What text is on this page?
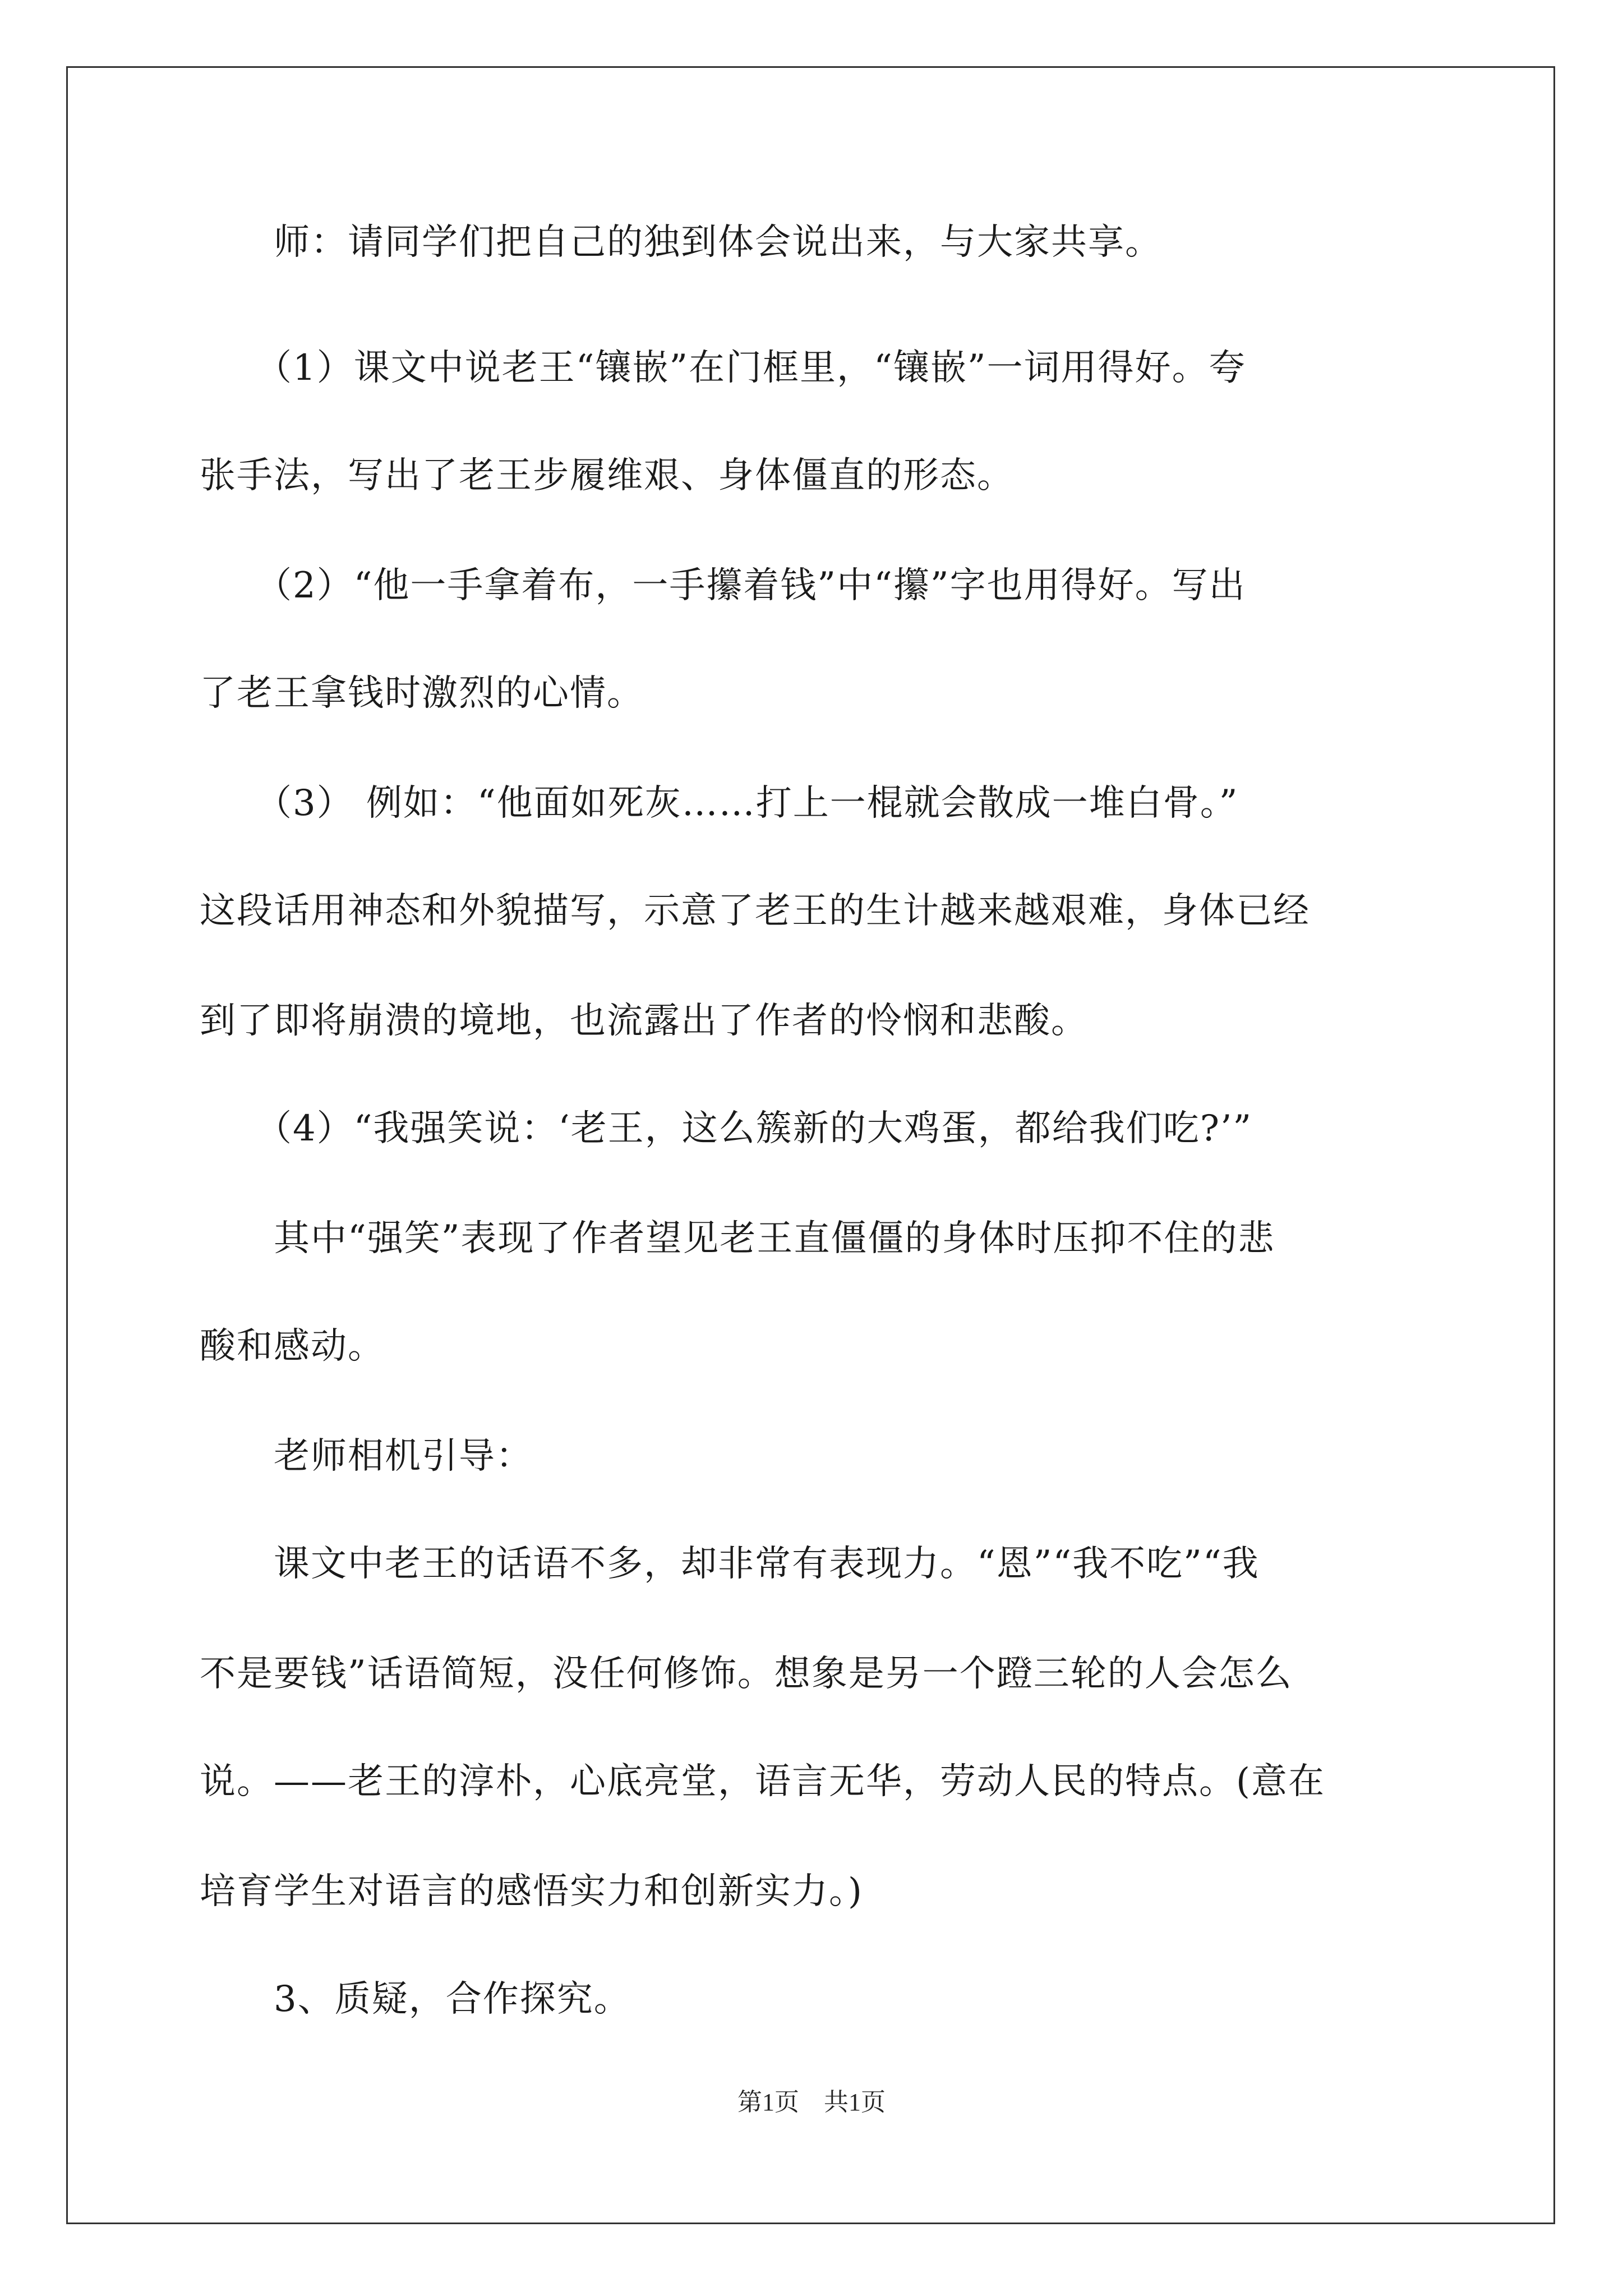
　　师：请同学们把自己的独到体会说出来，与大家共享。

　　（1）课文中说老王“镶嵌”在门框里，“镶嵌”一词用得好。夸

张手法，写出了老王步履维艰、身体僵直的形态。

　　（2）“他一手拿着布，一手攥着钱”中“攥”字也用得好。写出

了老王拿钱时激烈的心情。

　　（3） 例如：“他面如死灰……打上一棍就会散成一堆白骨。”

这段话用神态和外貌描写，示意了老王的生计越来越艰难，身体已经

到了即将崩溃的境地，也流露出了作者的怜悯和悲酸。

　　（4）“我强笑说：‘老王，这么簇新的大鸡蛋，都给我们吃?’”

　　其中“强笑”表现了作者望见老王直僵僵的身体时压抑不住的悲

酸和感动。

　　老师相机引导：

　　课文中老王的话语不多，却非常有表现力。“恩”“我不吃”“我

不是要钱”话语简短，没任何修饰。想象是另一个蹬三轮的人会怎么

说。——老王的淳朴，心底亮堂，语言无华，劳动人民的特点。(意在

培育学生对语言的感悟实力和创新实力。)

　　3、质疑，合作探究。

第1页　共1页
